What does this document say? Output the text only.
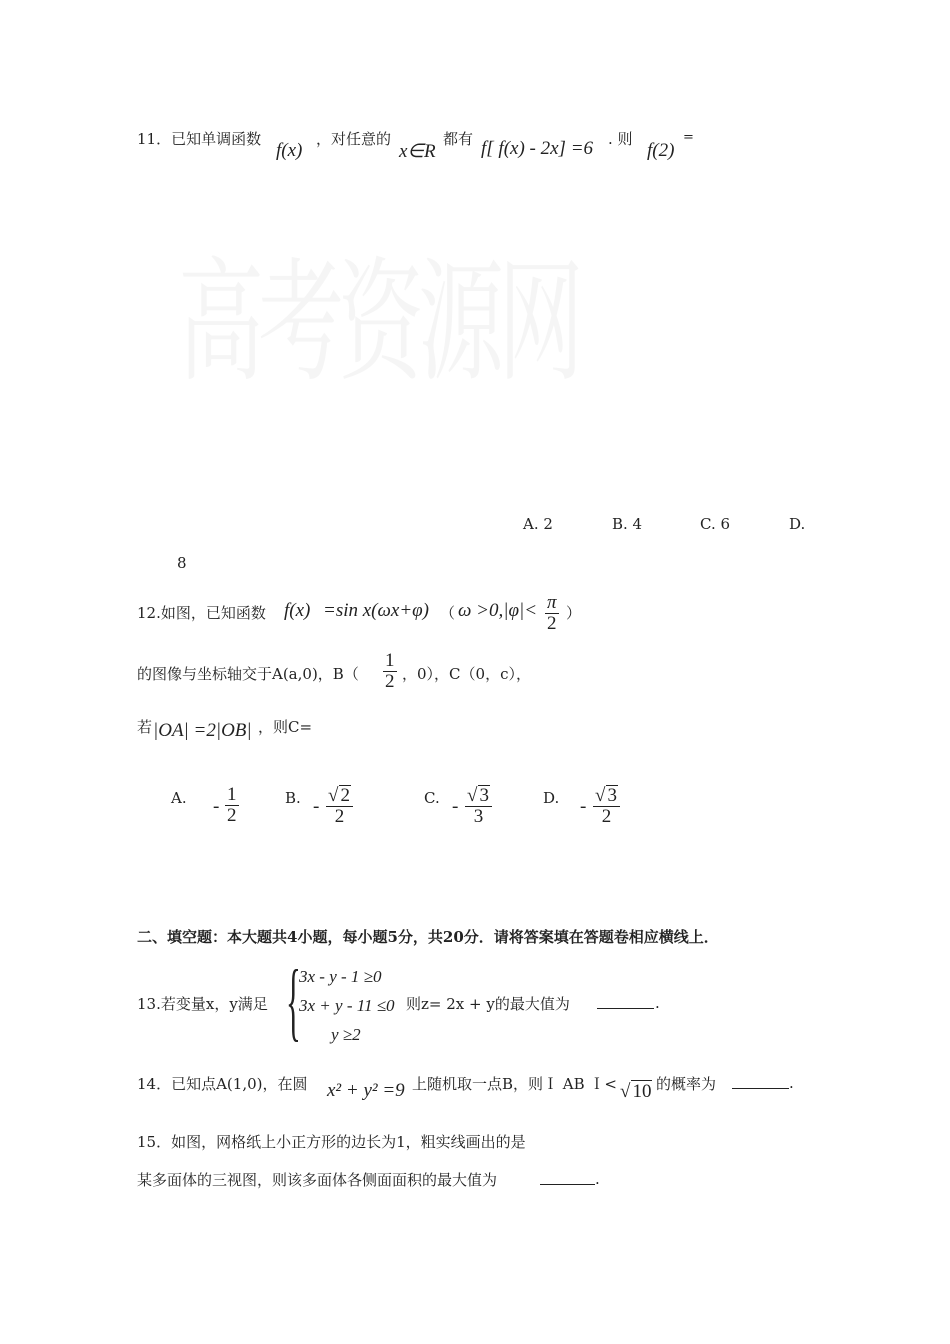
11．已知单调函数
f(x)
，对任意的
x∈R
都有 f[ f(x) - 2x] =6 . 则
f(2)
=
A. 2	B. 4	C. 6	D.
8
12.如图，已知函数 f(x) =sin x(ωx+φ) （ $\omega >0,|\varphi|< \frac{\pi}{2}$ ）
的图像与坐标轴交于A(a,0)，$B( \frac{1}{2}$ ，0），C（0，c），
若 |OA| =2|OB| ，则C=
A. - $\frac{1}{2}$	B. - $\frac{√ 2}{2}$	C. - $\frac{√ 3}{3}$	D. - $\frac{√ 3}{2}$
二、填空题：本大题共4小题，每小题5分，共20分．请将答案填在答题卷相应横线上．
13.若变量x，y满足 {
3x - y - 1 ≥0
3x + y - 11 ≤0
y ≥2
则z= 2x + y的最大值为	.
14．已知点A(1,0)，在圆 x² + y² =9 上随机取一点B，则Ｉ AB Ｉ< √ 10 的概率为	.
15．如图，网格纸上小正方形的边长为1，粗实线画出的是
某多面体的三视图，则该多面体各侧面面积的最大值为	.
